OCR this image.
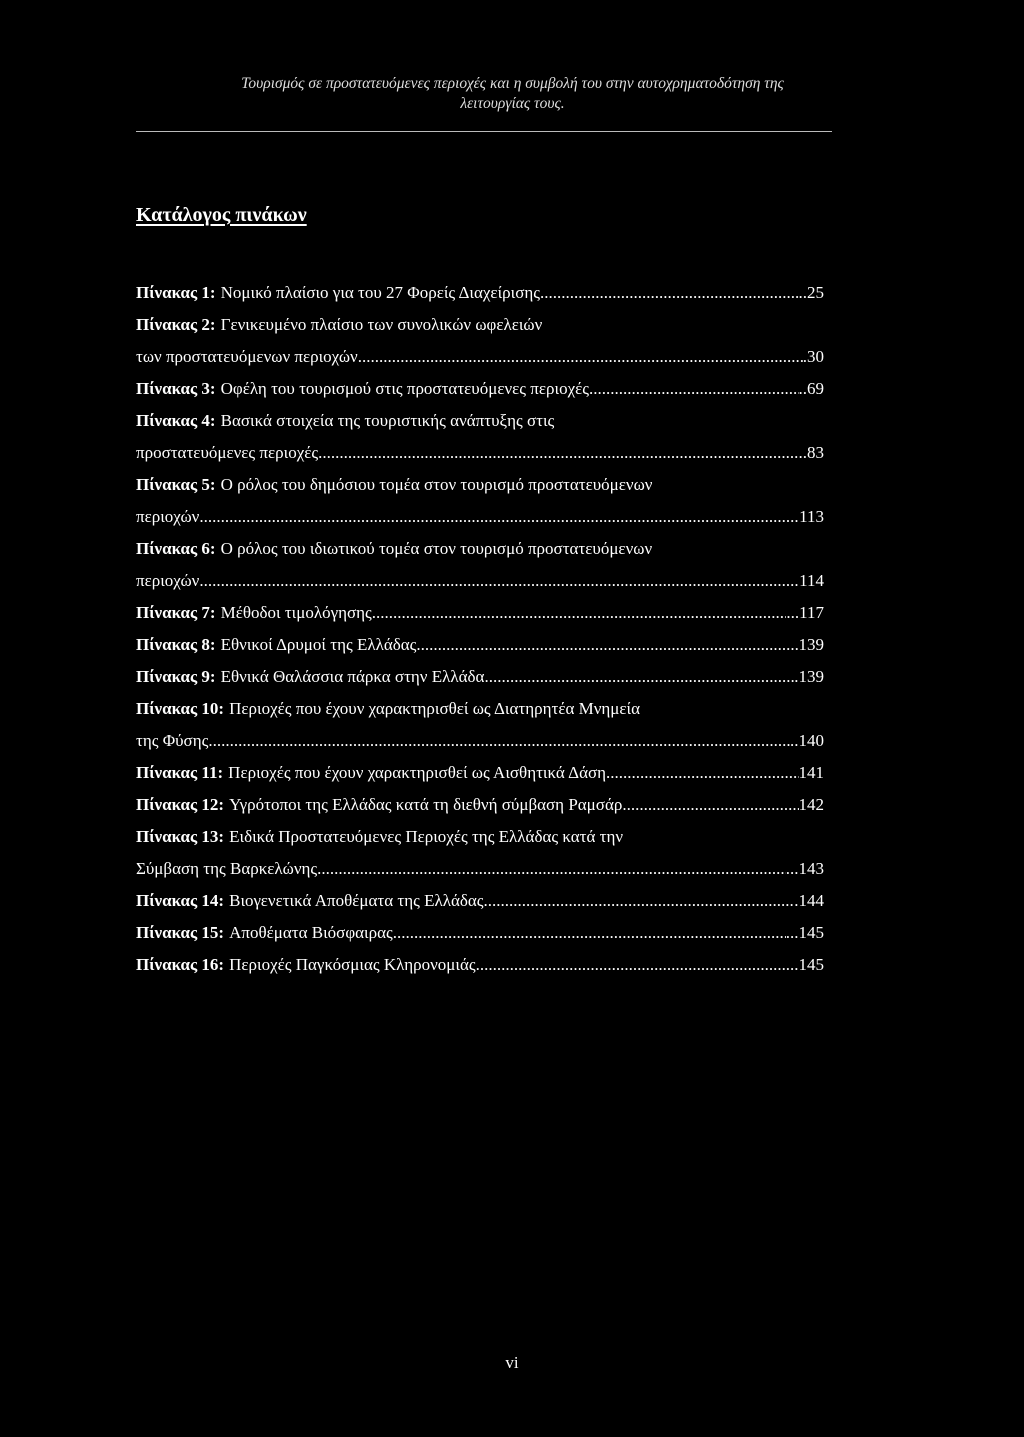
Τουρισμός σε προστατευόμενες περιοχές και η συμβολή του στην αυτοχρηματοδότηση της
λειτουργίας τους.
Κατάλογος πινάκων
Πίνακας 1: Νομικό πλαίσιο για του 27 Φορείς Διαχείρισης .....	..25
Πίνακας 2: Γενικευμένο πλαίσιο των συνολικών ωφελειών
των προστατευόμενων περιοχών .....	.30
Πίνακας 3: Οφέλη του τουρισμού στις προστατευόμενες περιοχές .....	..69
Πίνακας 4: Βασικά στοιχεία της τουριστικής ανάπτυξης στις
προστατευόμενες περιοχές .....	..83
Πίνακας 5: Ο ρόλος του δημόσιου τομέα στον τουρισμό προστατευόμενων
περιοχών .....	113
Πίνακας 6: Ο ρόλος του ιδιωτικού τομέα στον τουρισμό προστατευόμενων
περιοχών .....	114
Πίνακας 7: Μέθοδοι τιμολόγησης .....	...117
Πίνακας 8: Εθνικοί Δρυμοί της Ελλάδας .....	139
Πίνακας 9: Εθνικά Θαλάσσια πάρκα στην Ελλάδα .....	.139
Πίνακας 10: Περιοχές που έχουν χαρακτηρισθεί ως Διατηρητέα Μνημεία
της Φύσης .....	..140
Πίνακας 11: Περιοχές που έχουν χαρακτηρισθεί ως Αισθητικά Δάση .....	141
Πίνακας 12: Υγρότοποι της Ελλάδας κατά τη διεθνή σύμβαση Ραμσάρ .....	142
Πίνακας 13: Ειδικά Προστατευόμενες Περιοχές της Ελλάδας κατά την
Σύμβαση της Βαρκελώνης .....	...143
Πίνακας 14: Βιογενετικά Αποθέματα της Ελλάδας .....	.144
Πίνακας 15: Αποθέματα Βιόσφαιρας .....	...145
Πίνακας 16: Περιοχές Παγκόσμιας Κληρονομιάς .....	...145
vi
